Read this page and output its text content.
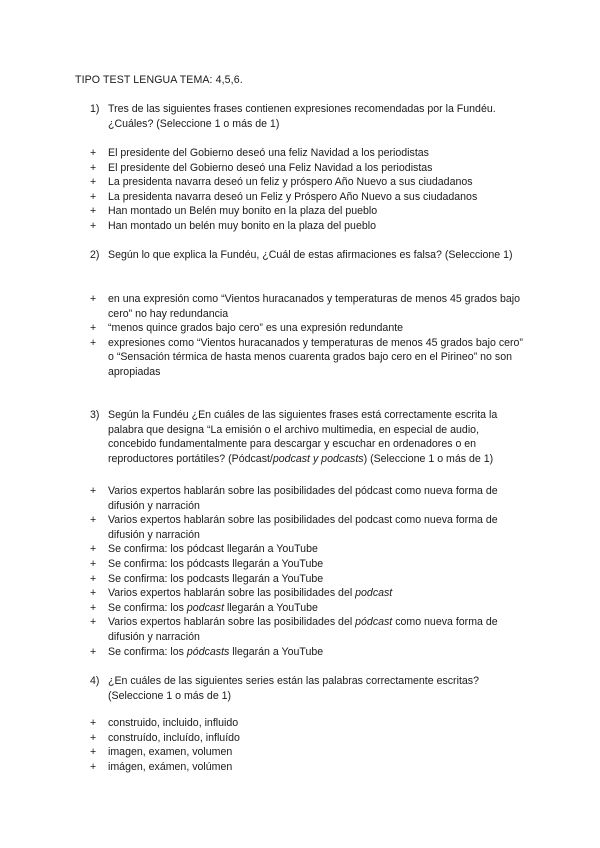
TIPO TEST LENGUA TEMA: 4,5,6.
1) Tres de las siguientes frases contienen expresiones recomendadas por la Fundéu. ¿Cuáles? (Seleccione 1 o más de 1)
+ El presidente del Gobierno deseó una feliz Navidad a los periodistas
+ El presidente del Gobierno deseó una Feliz Navidad a los periodistas
+ La presidenta navarra deseó un feliz y próspero Año Nuevo a sus ciudadanos
+ La presidenta navarra deseó un Feliz y Próspero Año Nuevo a sus ciudadanos
+ Han montado un Belén muy bonito en la plaza del pueblo
+ Han montado un belén muy bonito en la plaza del pueblo
2) Según lo que explica la Fundéu, ¿Cuál de estas afirmaciones es falsa? (Seleccione 1)
+ en una expresión como “Vientos huracanados y temperaturas de menos 45 grados bajo cero” no hay redundancia
+ “menos quince grados bajo cero” es una expresión redundante
+ expresiones como “Vientos huracanados y temperaturas de menos 45 grados bajo cero” o “Sensación térmica de hasta menos cuarenta grados bajo cero en el Pirineo” no son apropiadas
3) Según la Fundéu ¿En cuáles de las siguientes frases está correctamente escrita la palabra que designa “La emisión o el archivo multimedia, en especial de audio, concebido fundamentalmente para descargar y escuchar en ordenadores o en reproductores portátiles? (Pódcast/podcast y podcasts) (Seleccione 1 o más de 1)
+ Varios expertos hablarán sobre las posibilidades del pódcast como nueva forma de difusión y narración
+ Varios expertos hablarán sobre las posibilidades del podcast como nueva forma de difusión y narración
+ Se confirma: los pódcast llegarán a YouTube
+ Se confirma: los pódcasts llegarán a YouTube
+ Se confirma: los podcasts llegarán a YouTube
+ Varios expertos hablarán sobre las posibilidades del podcast
+ Se confirma: los podcast llegarán a YouTube
+ Varios expertos hablarán sobre las posibilidades del pódcast como nueva forma de difusión y narración
+ Se confirma: los pódcasts llegarán a YouTube
4) ¿En cuáles de las siguientes series están las palabras correctamente escritas? (Seleccione 1 o más de 1)
+ construido, incluido, influido
+ construído, incluído, influído
+ imagen, examen, volumen
+ imágen, exámen, volúmen
